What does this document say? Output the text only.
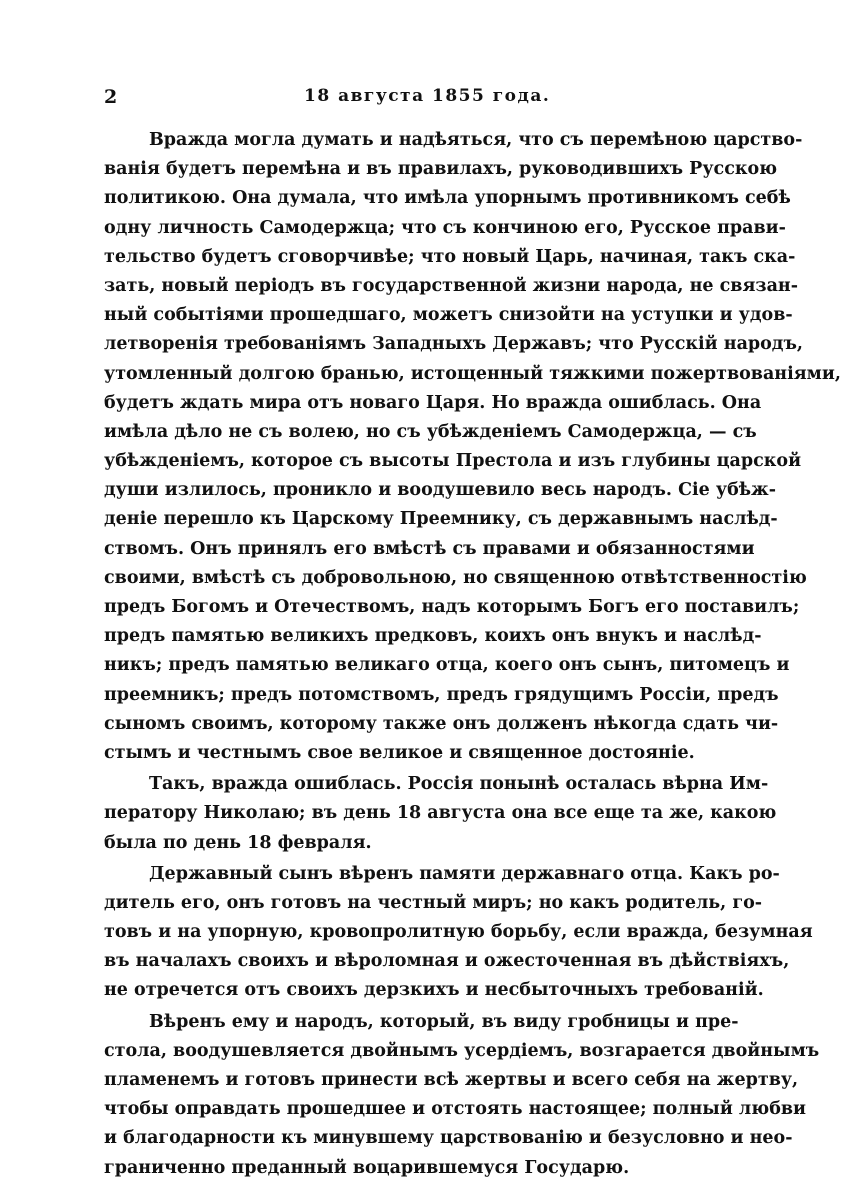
2	18 августа 1855 года.
Вражда могла думать и надѣяться, что съ перемѣною царство-
ванія будетъ перемѣна и въ правилахъ, руководившихъ Русскою
политикою. Она думала, что имѣла упорнымъ противникомъ себѣ
одну личность Самодержца; что съ кончиною его, Русское прави-
тельство будетъ сговорчивѣе; что новый Царь, начиная, такъ ска-
зать, новый періодъ въ государственной жизни народа, не связан-
ный событіями прошедшаго, можетъ снизойти на уступки и удов-
летворенія требованіямъ Западныхъ Державъ; что Русскій народъ,
утомленный долгою бранью, истощенный тяжкими пожертвованіями,
будетъ ждать мира отъ новаго Царя. Но вражда ошиблась. Она
имѣла дѣло не съ волею, но съ убѣжденіемъ Самодержца, — съ
убѣжденіемъ, которое съ высоты Престола и изъ глубины царской
души излилось, проникло и воодушевило весь народъ. Сіе убѣж-
деніе перешло къ Царскому Преемнику, съ державнымъ наслѣд-
ствомъ. Онъ принялъ его вмѣстѣ съ правами и обязанностями
своими, вмѣстѣ съ добровольною, но священною отвѣтственностію
предъ Богомъ и Отечествомъ, надъ которымъ Богъ его поставилъ;
предъ памятью великихъ предковъ, коихъ онъ внукъ и наслѣд-
никъ; предъ памятью великаго отца, коего онъ сынъ, питомецъ и
преемникъ; предъ потомствомъ, предъ грядущимъ Россіи, предъ
сыномъ своимъ, которому также онъ долженъ нѣкогда сдать чи-
стымъ и честнымъ свое великое и священное достояніе.
Такъ, вражда ошиблась. Россія понынѣ осталась вѣрна Им-
ператору Николаю; въ день 18 августа она все еще та же, какою
была по день 18 февраля.
Державный сынъ вѣренъ памяти державнаго отца. Какъ ро-
дитель его, онъ готовъ на честный миръ; но какъ родитель, го-
товъ и на упорную, кровопролитную борьбу, если вражда, безумная
въ началахъ своихъ и вѣроломная и ожесточенная въ дѣйствіяхъ,
не отречется отъ своихъ дерзкихъ и несбыточныхъ требованій.
Вѣренъ ему и народъ, который, въ виду гробницы и пре-
стола, воодушевляется двойнымъ усердіемъ, возгарается двойнымъ
пламенемъ и готовъ принести всѣ жертвы и всего себя на жертву,
чтобы оправдать прошедшее и отстоять настоящее; полный любви
и благодарности къ минувшему царствованію и безусловно и нео-
граниченно преданный воцарившемуся Государю.
